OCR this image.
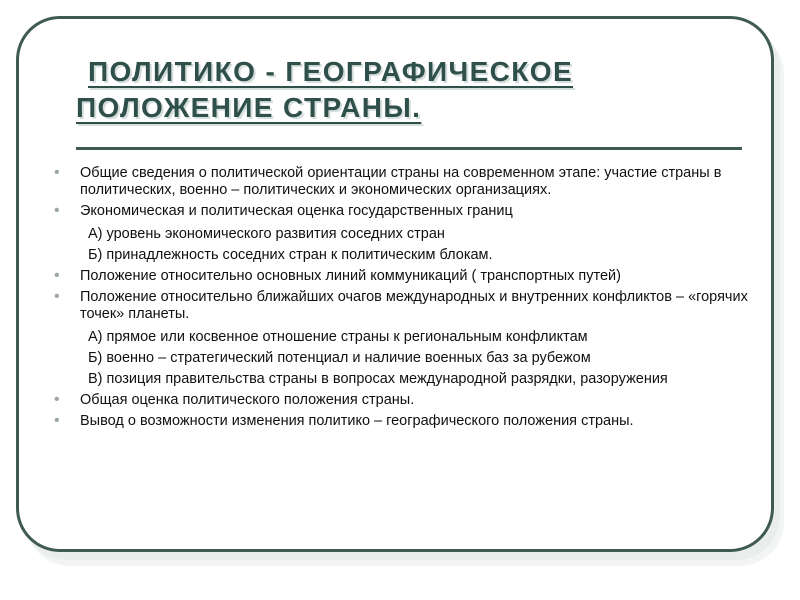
ПОЛИТИКО - ГЕОГРАФИЧЕСКОЕ
ПОЛОЖЕНИЕ СТРАНЫ.
• Общие сведения о политической ориентации страны на современном этапе: участие страны в политических, военно – политических и экономических организациях.
• Экономическая и политическая оценка государственных границ
А) уровень экономического развития соседних стран
Б) принадлежность соседних стран к политическим блокам.
• Положение относительно основных линий коммуникаций ( транспортных путей)
• Положение относительно ближайших очагов международных и внутренних конфликтов – «горячих точек» планеты.
А) прямое или косвенное отношение страны к региональным конфликтам
Б) военно – стратегический потенциал и наличие военных баз за рубежом
В) позиция правительства страны в вопросах международной разрядки, разоружения
• Общая оценка политического положения страны.
• Вывод о возможности изменения политико – географического положения страны.
